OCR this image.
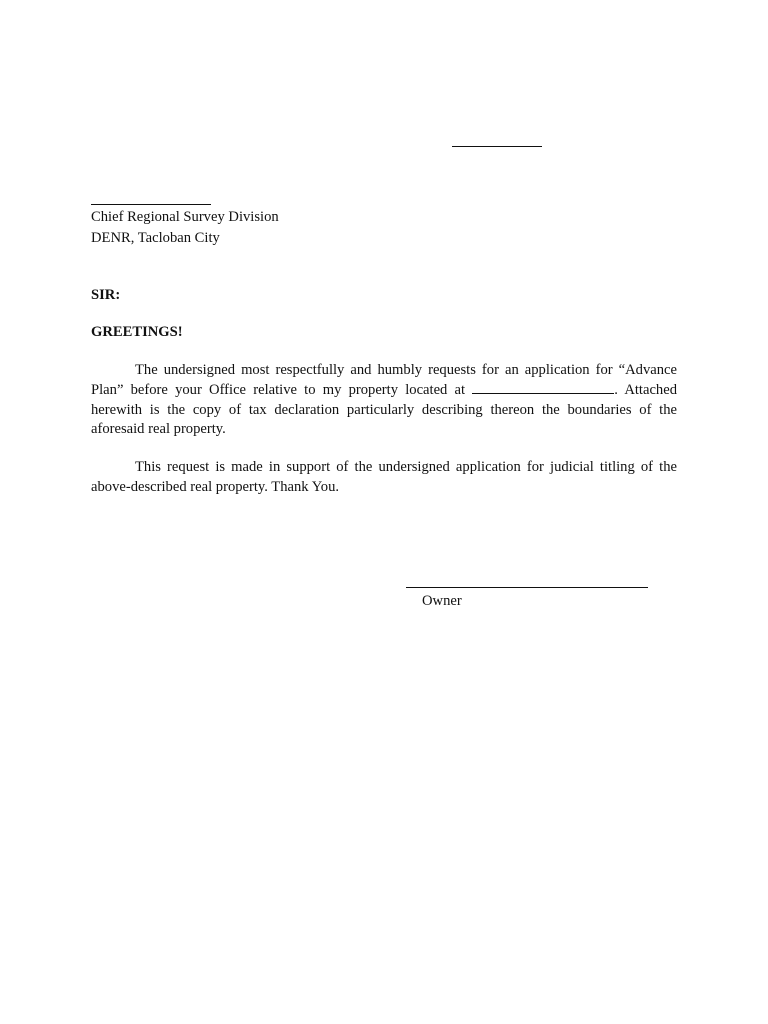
Chief Regional Survey Division
DENR, Tacloban City
SIR:
GREETINGS!

The undersigned most respectfully and humbly requests for an application for “Advance Plan” before your Office relative to my property located at	. Attached herewith is the copy of tax declaration particularly describing thereon the boundaries of the aforesaid real property.

This request is made in support of the undersigned application for judicial titling of the above-described real property. Thank You.

Owner
